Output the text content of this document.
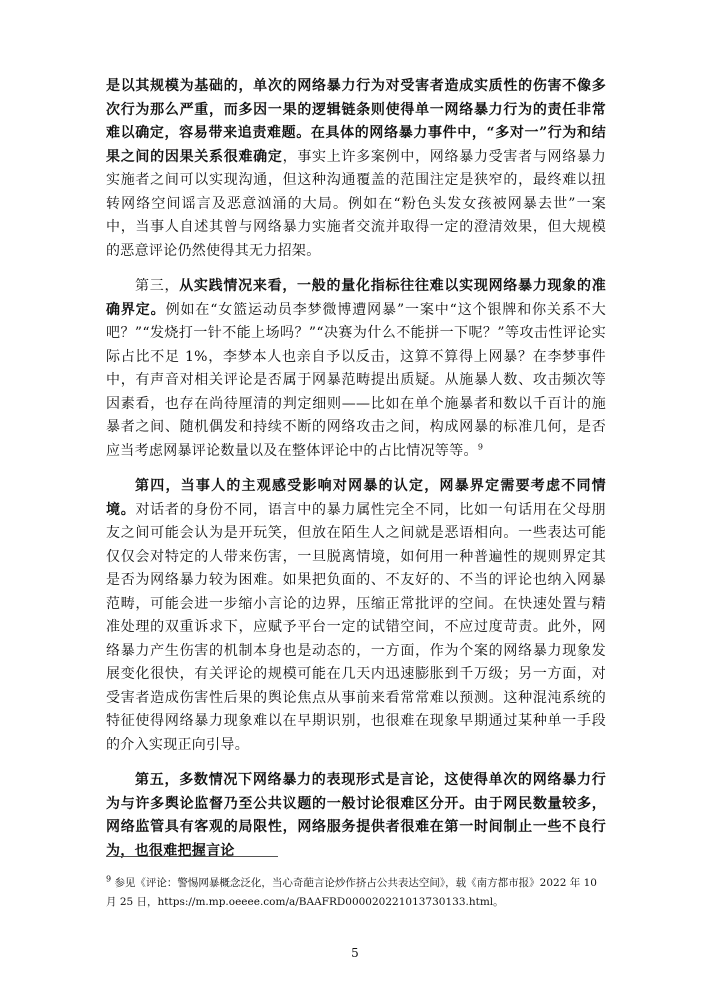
是以其规模为基础的，单次的网络暴力行为对受害者造成实质性的伤害不像多次行为那么严重，而多因一果的逻辑链条则使得单一网络暴力行为的责任非常难以确定，容易带来追责难题。在具体的网络暴力事件中，“多对一”行为和结果之间的因果关系很难确定，事实上许多案例中，网络暴力受害者与网络暴力实施者之间可以实现沟通，但这种沟通覆盖的范围注定是狭窄的，最终难以扭转网络空间谣言及恶意汹涌的大局。例如在“粉色头发女孩被网暴去世”一案中，当事人自述其曾与网络暴力实施者交流并取得一定的澄清效果，但大规模的恶意评论仍然使得其无力招架。

第三，从实践情况来看，一般的量化指标往往难以实现网络暴力现象的准确界定。例如在“女篮运动员李梦微博遭网暴”一案中“这个银牌和你关系不大吧？”“发烧打一针不能上场吗？”“决赛为什么不能拼一下呢？”等攻击性评论实际占比不足 1%，李梦本人也亲自予以反击，这算不算得上网暴？在李梦事件中，有声音对相关评论是否属于网暴范畴提出质疑。从施暴人数、攻击频次等因素看，也存在尚待厘清的判定细则——比如在单个施暴者和数以千百计的施暴者之间、随机偶发和持续不断的网络攻击之间，构成网暴的标准几何，是否应当考虑网暴评论数量以及在整体评论中的占比情况等等。$^9$

第四，当事人的主观感受影响对网暴的认定，网暴界定需要考虑不同情境。对话者的身份不同，语言中的暴力属性完全不同，比如一句话用在父母朋友之间可能会认为是开玩笑，但放在陌生人之间就是恶语相向。一些表达可能仅仅会对特定的人带来伤害，一旦脱离情境，如何用一种普遍性的规则界定其是否为网络暴力较为困难。如果把负面的、不友好的、不当的评论也纳入网暴范畴，可能会进一步缩小言论的边界，压缩正常批评的空间。在快速处置与精准处理的双重诉求下，应赋予平台一定的试错空间，不应过度苛责。此外，网络暴力产生伤害的机制本身也是动态的，一方面，作为个案的网络暴力现象发展变化很快，有关评论的规模可能在几天内迅速膨胀到千万级；另一方面，对受害者造成伤害性后果的舆论焦点从事前来看常常难以预测。这种混沌系统的特征使得网络暴力现象难以在早期识别，也很难在现象早期通过某种单一手段的介入实现正向引导。

第五，多数情况下网络暴力的表现形式是言论，这使得单次的网络暴力行为与许多舆论监督乃至公共议题的一般讨论很难区分开。由于网民数量较多，网络监管具有客观的局限性，网络服务提供者很难在第一时间制止一些不良行为，也很难把握言论

$^9$ 参见《评论：警惕网暴概念泛化，当心奇葩言论炒作挤占公共表达空间》，载《南方都市报》2022 年 10 月 25 日，https://m.mp.oeeee.com/a/BAAFRD000020221013730133.html。
5
